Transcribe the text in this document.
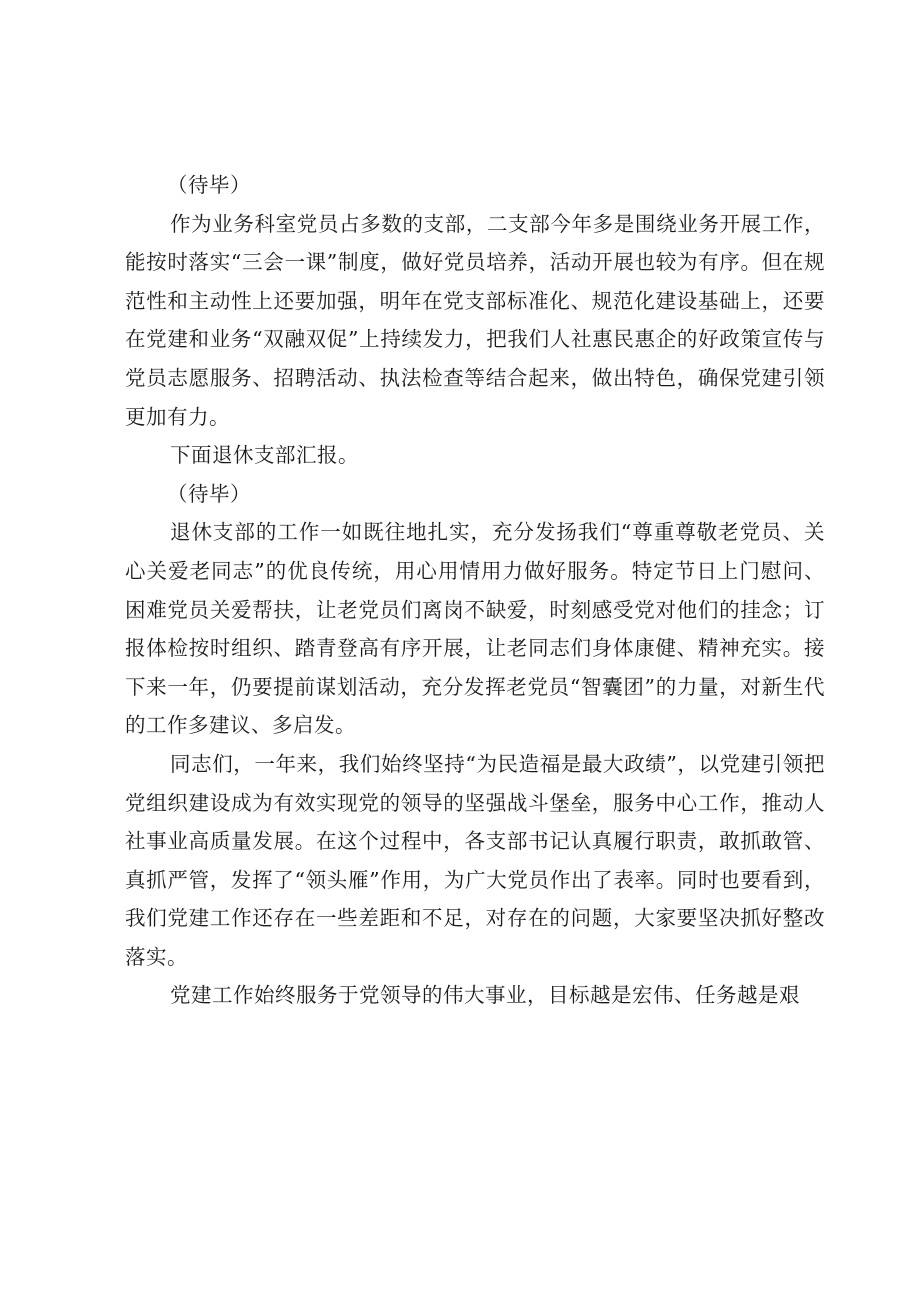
（待毕）

作为业务科室党员占多数的支部，二支部今年多是围绕业务开展工作，能按时落实“三会一课”制度，做好党员培养，活动开展也较为有序。但在规范性和主动性上还要加强，明年在党支部标准化、规范化建设基础上，还要在党建和业务“双融双促”上持续发力，把我们人社惠民惠企的好政策宣传与党员志愿服务、招聘活动、执法检查等结合起来，做出特色，确保党建引领更加有力。

下面退休支部汇报。

（待毕）

退休支部的工作一如既往地扎实，充分发扬我们“尊重尊敬老党员、关心关爱老同志”的优良传统，用心用情用力做好服务。特定节日上门慰问、困难党员关爱帮扶，让老党员们离岗不缺爱，时刻感受党对他们的挂念；订报体检按时组织、踏青登高有序开展，让老同志们身体康健、精神充实。接下来一年，仍要提前谋划活动，充分发挥老党员“智囊团”的力量，对新生代的工作多建议、多启发。

同志们，一年来，我们始终坚持“为民造福是最大政绩”，以党建引领把党组织建设成为有效实现党的领导的坚强战斗堡垒，服务中心工作，推动人社事业高质量发展。在这个过程中，各支部书记认真履行职责，敢抓敢管、真抓严管，发挥了“领头雁”作用，为广大党员作出了表率。同时也要看到，我们党建工作还存在一些差距和不足，对存在的问题，大家要坚决抓好整改落实。

党建工作始终服务于党领导的伟大事业，目标越是宏伟、任务越是艰
